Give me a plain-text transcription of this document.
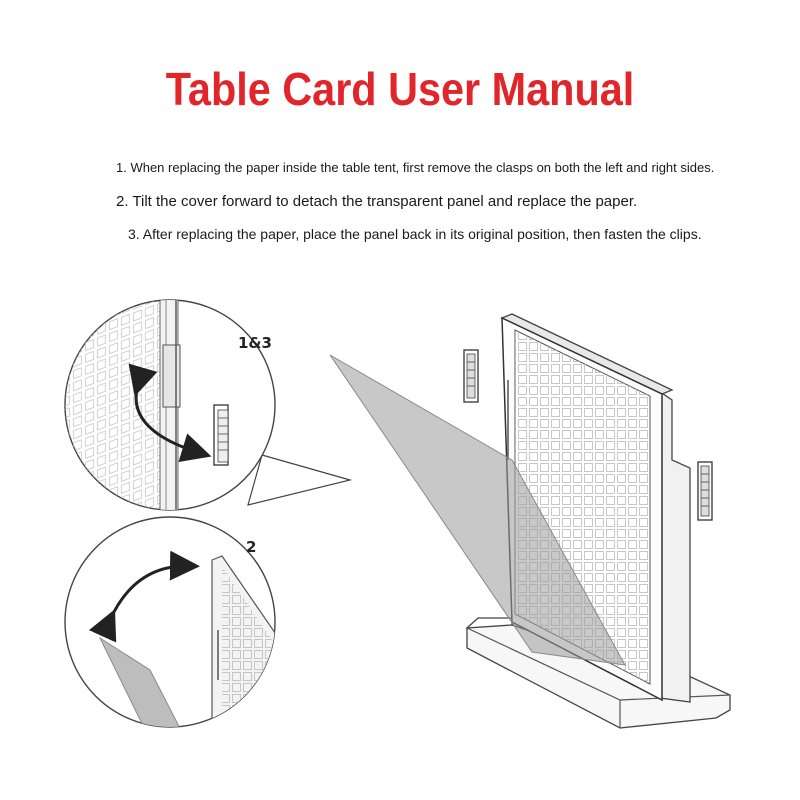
Table Card User Manual
1. When replacing the paper inside the table tent, first remove the clasps on both the left and right sides.
2. Tilt the cover forward to detach the transparent panel and replace the paper.
3. After replacing the paper, place the panel back in its original position, then fasten the clips.
1&3
2
